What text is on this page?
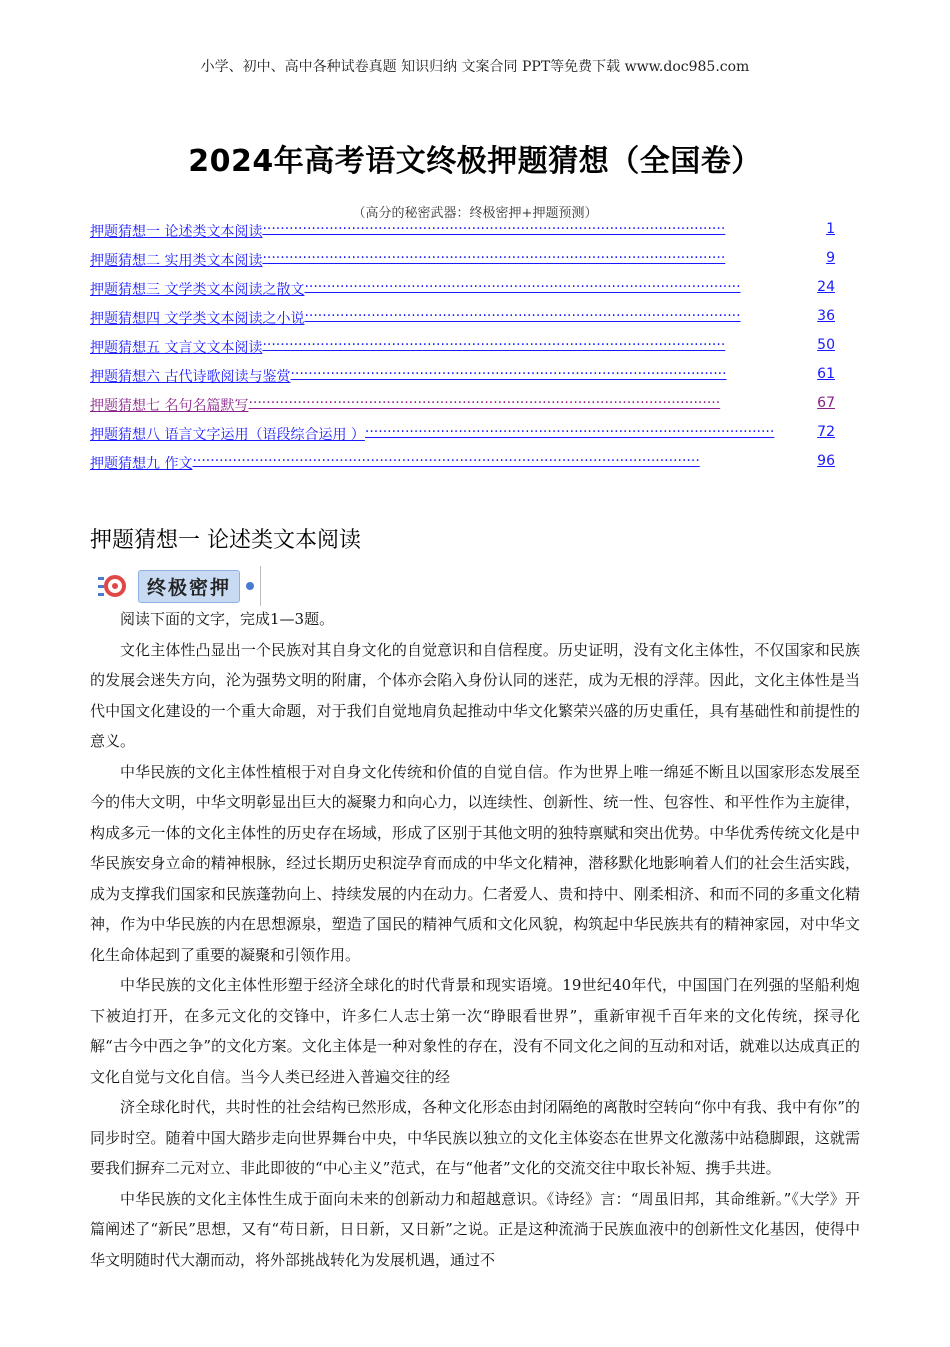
小学、初中、高中各种试卷真题 知识归纳 文案合同 PPT等免费下载 www.doc985.com
2024年高考语文终极押题猜想（全国卷）
（高分的秘密武器：终极密押+押题预测）
押题猜想一 论述类文本阅读 ········································································································	1
押题猜想二 实用类文本阅读 ········································································································	9
押题猜想三 文学类文本阅读之散文 ··································································································	24
押题猜想四 文学类文本阅读之小说 ··································································································	36
押题猜想五 文言文文本阅读 ········································································································	50
押题猜想六 古代诗歌阅读与鉴赏 ··································································································	61
押题猜想七 名句名篇默写 ··········································································································	67
押题猜想八 语言文字运用（语段综合运用 ） ····························································································	72
押题猜想九 作文 ··················································································································	96
押题猜想一 论述类文本阅读
终极密押

阅读下面的文字，完成1—3题。

文化主体性凸显出一个民族对其自身文化的自觉意识和自信程度。历史证明，没有文化主体性，不仅国家和民族的发展会迷失方向，沦为强势文明的附庸，个体亦会陷入身份认同的迷茫，成为无根的浮萍。因此，文化主体性是当代中国文化建设的一个重大命题，对于我们自觉地肩负起推动中华文化繁荣兴盛的历史重任，具有基础性和前提性的意义。

中华民族的文化主体性植根于对自身文化传统和价值的自觉自信。作为世界上唯一绵延不断且以国家形态发展至今的伟大文明，中华文明彰显出巨大的凝聚力和向心力，以连续性、创新性、统一性、包容性、和平性作为主旋律，构成多元一体的文化主体性的历史存在场域，形成了区别于其他文明的独特禀赋和突出优势。中华优秀传统文化是中华民族安身立命的精神根脉，经过长期历史积淀孕育而成的中华文化精神，潜移默化地影响着人们的社会生活实践，成为支撑我们国家和民族蓬勃向上、持续发展的内在动力。仁者爱人、贵和持中、刚柔相济、和而不同的多重文化精神，作为中华民族的内在思想源泉，塑造了国民的精神气质和文化风貌，构筑起中华民族共有的精神家园，对中华文化生命体起到了重要的凝聚和引领作用。

中华民族的文化主体性形塑于经济全球化的时代背景和现实语境。19世纪40年代，中国国门在列强的坚船利炮下被迫打开，在多元文化的交锋中，许多仁人志士第一次“睁眼看世界”，重新审视千百年来的文化传统，探寻化解“古今中西之争”的文化方案。文化主体是一种对象性的存在，没有不同文化之间的互动和对话，就难以达成真正的文化自觉与文化自信。当今人类已经进入普遍交往的经

济全球化时代，共时性的社会结构已然形成，各种文化形态由封闭隔绝的离散时空转向“你中有我、我中有你”的同步时空。随着中国大踏步走向世界舞台中央，中华民族以独立的文化主体姿态在世界文化激荡中站稳脚跟，这就需要我们摒弃二元对立、非此即彼的“中心主义”范式，在与“他者”文化的交流交往中取长补短、携手共进。

中华民族的文化主体性生成于面向未来的创新动力和超越意识。《诗经》言：“周虽旧邦，其命维新。”《大学》开篇阐述了“新民”思想，又有“苟日新，日日新，又日新”之说。正是这种流淌于民族血液中的创新性文化基因，使得中华文明随时代大潮而动，将外部挑战转化为发展机遇，通过不
